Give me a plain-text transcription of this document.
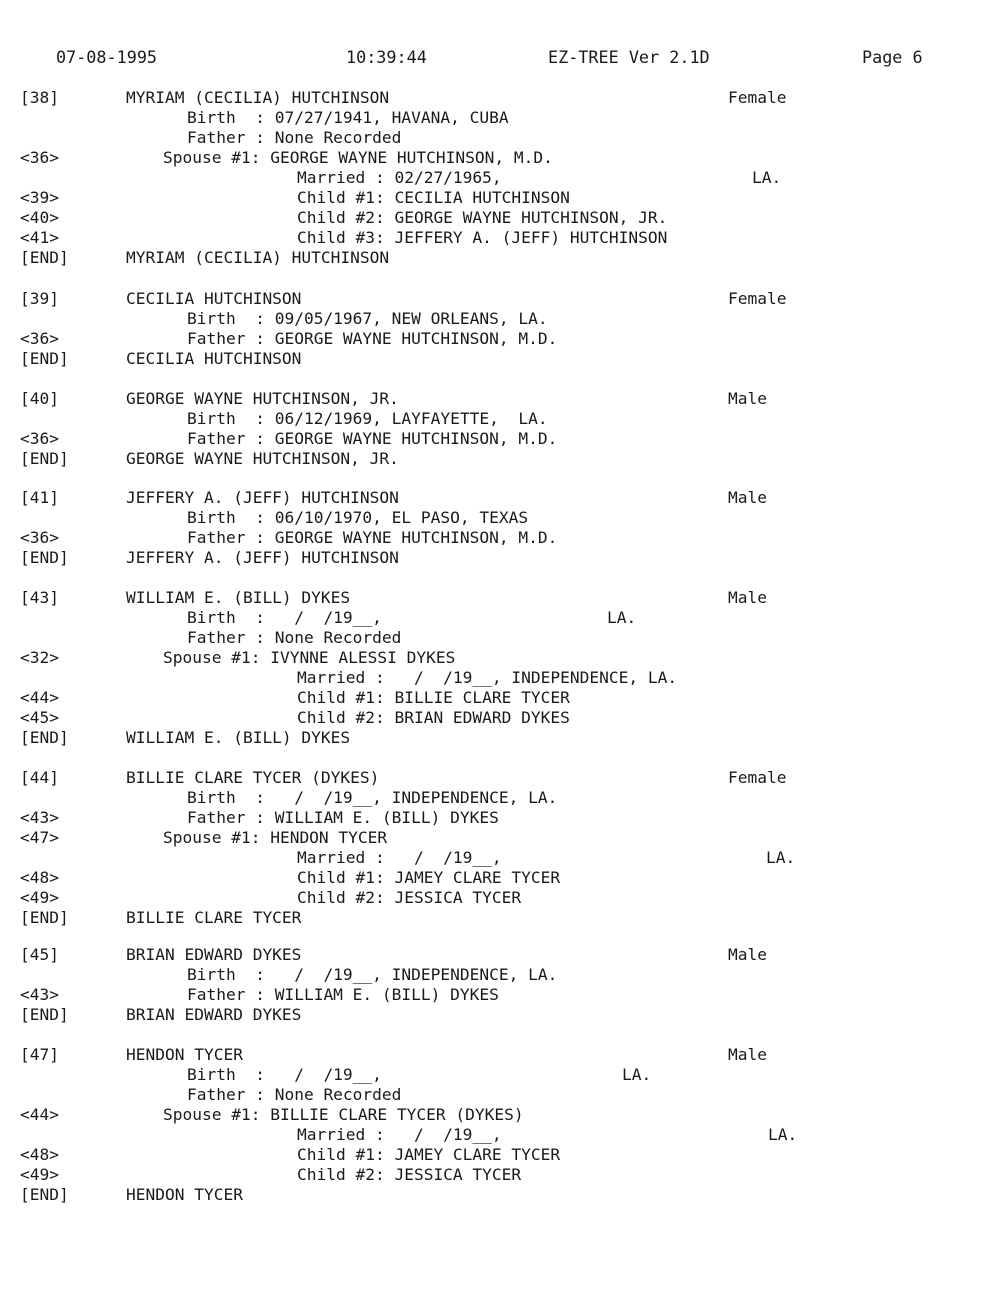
07-08-1995	10:39:44	EZ-TREE Ver 2.1D	Page 6
[38]	MYRIAM (CECILIA) HUTCHINSON	Female
Birth  : 07/27/1941, HAVANA, CUBA
Father : None Recorded
<36>	Spouse #1: GEORGE WAYNE HUTCHINSON, M.D.
Married : 02/27/1965,	LA.
<39>	Child #1: CECILIA HUTCHINSON
<40>	Child #2: GEORGE WAYNE HUTCHINSON, JR.
<41>	Child #3: JEFFERY A. (JEFF) HUTCHINSON
[END]	MYRIAM (CECILIA) HUTCHINSON
[39]	CECILIA HUTCHINSON	Female
Birth  : 09/05/1967, NEW ORLEANS, LA.
<36>	Father : GEORGE WAYNE HUTCHINSON, M.D.
[END]	CECILIA HUTCHINSON
[40]	GEORGE WAYNE HUTCHINSON, JR.	Male
Birth  : 06/12/1969, LAYFAYETTE,  LA.
<36>	Father : GEORGE WAYNE HUTCHINSON, M.D.
[END]	GEORGE WAYNE HUTCHINSON, JR.
[41]	JEFFERY A. (JEFF) HUTCHINSON	Male
Birth  : 06/10/1970, EL PASO, TEXAS
<36>	Father : GEORGE WAYNE HUTCHINSON, M.D.
[END]	JEFFERY A. (JEFF) HUTCHINSON
[43]	WILLIAM E. (BILL) DYKES	Male
Birth  :   /  /19__,	LA.
Father : None Recorded
<32>	Spouse #1: IVYNNE ALESSI DYKES
Married :   /  /19__, INDEPENDENCE, LA.
<44>	Child #1: BILLIE CLARE TYCER
<45>	Child #2: BRIAN EDWARD DYKES
[END]	WILLIAM E. (BILL) DYKES
[44]	BILLIE CLARE TYCER (DYKES)	Female
Birth  :   /  /19__, INDEPENDENCE, LA.
<43>	Father : WILLIAM E. (BILL) DYKES
<47>	Spouse #1: HENDON TYCER
Married :   /  /19__,	LA.
<48>	Child #1: JAMEY CLARE TYCER
<49>	Child #2: JESSICA TYCER
[END]	BILLIE CLARE TYCER
[45]	BRIAN EDWARD DYKES	Male
Birth  :   /  /19__, INDEPENDENCE, LA.
<43>	Father : WILLIAM E. (BILL) DYKES
[END]	BRIAN EDWARD DYKES
[47]	HENDON TYCER	Male
Birth  :   /  /19__,	LA.
Father : None Recorded
<44>	Spouse #1: BILLIE CLARE TYCER (DYKES)
Married :   /  /19__,	LA.
<48>	Child #1: JAMEY CLARE TYCER
<49>	Child #2: JESSICA TYCER
[END]	HENDON TYCER
